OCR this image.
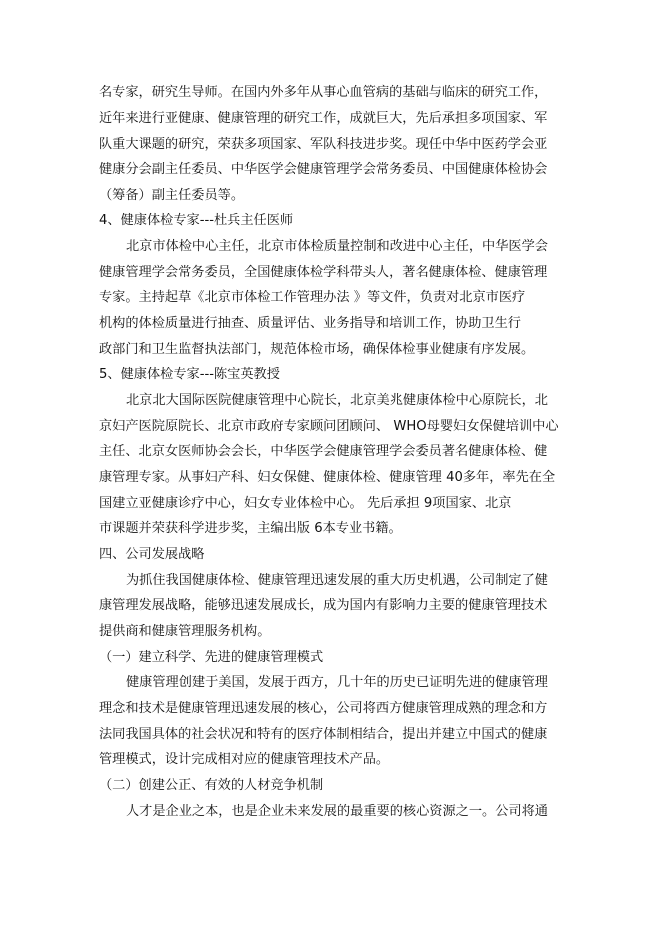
名专家，研究生导师。在国内外多年从事心血管病的基础与临床的研究工作，
近年来进行亚健康、健康管理的研究工作，成就巨大，先后承担多项国家、军
队重大课题的研究，荣获多项国家、军队科技进步奖。现任中华中医药学会亚
健康分会副主任委员、中华医学会健康管理学会常务委员、中国健康体检协会
（筹备）副主任委员等。
4、健康体检专家---杜兵主任医师
北京市体检中心主任，北京市体检质量控制和改进中心主任，中华医学会
健康管理学会常务委员，全国健康体检学科带头人，著名健康体检、健康管理
专家。主持起草《北京市体检工作管理办法 》等文件，负责对北京市医疗
机构的体检质量进行抽查、质量评估、业务指导和培训工作，协助卫生行
政部门和卫生监督执法部门，规范体检市场，确保体检事业健康有序发展。
5、健康体检专家---陈宝英教授
北京北大国际医院健康管理中心院长，北京美兆健康体检中心原院长，北
京妇产医院原院长、北京市政府专家顾问团顾问、 WHO母婴妇女保健培训中心
主任、北京女医师协会会长，中华医学会健康管理学会委员著名健康体检、健
康管理专家。从事妇产科、妇女保健、健康体检、健康管理 40多年，率先在全
国建立亚健康诊疗中心，妇女专业体检中心。 先后承担 9项国家、北京
市课题并荣获科学进步奖，主编出版 6本专业书籍。
四、公司发展战略
为抓住我国健康体检、健康管理迅速发展的重大历史机遇，公司制定了健
康管理发展战略，能够迅速发展成长，成为国内有影响力主要的健康管理技术
提供商和健康管理服务机构。
（一）建立科学、先进的健康管理模式
健康管理创建于美国，发展于西方，几十年的历史已证明先进的健康管理
理念和技术是健康管理迅速发展的核心，公司将西方健康管理成熟的理念和方
法同我国具体的社会状况和特有的医疗体制相结合，提出并建立中国式的健康
管理模式，设计完成相对应的健康管理技术产品。
（二）创建公正、有效的人材竞争机制
人才是企业之本，也是企业未来发展的最重要的核心资源之一。公司将通
